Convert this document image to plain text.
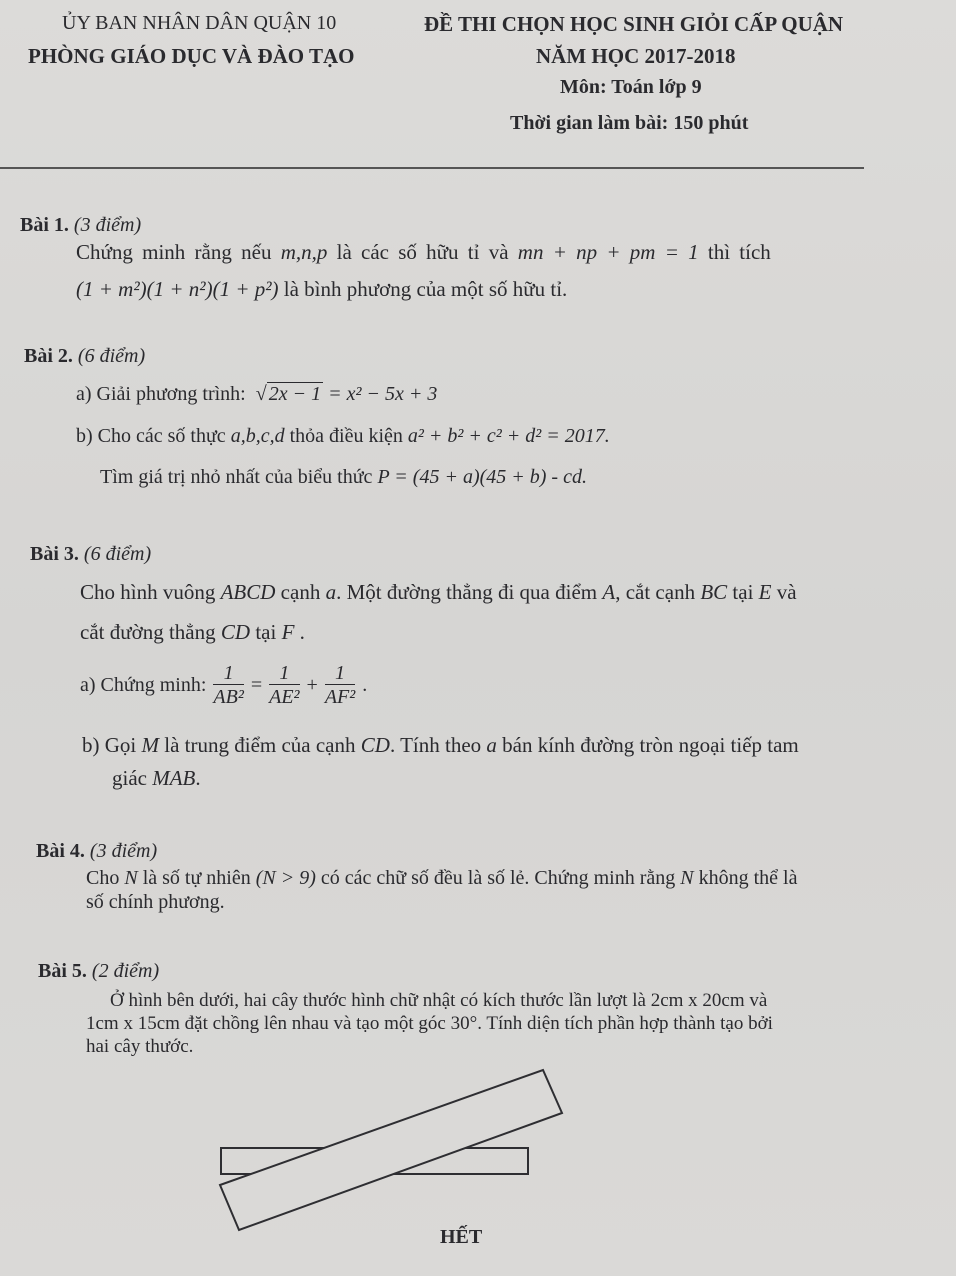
ỦY BAN NHÂN DÂN QUẬN 10
PHÒNG GIÁO DỤC VÀ ĐÀO TẠO
ĐỀ THI CHỌN HỌC SINH GIỎI CẤP QUẬN
NĂM HỌC 2017-2018
Môn: Toán lớp 9
Thời gian làm bài: 150 phút
Bài 1. (3 điểm)
Chứng minh rằng nếu m,n,p là các số hữu tỉ và mn + np + pm = 1 thì tích
(1 + m²)(1 + n²)(1 + p²) là bình phương của một số hữu tỉ.
Bài 2. (6 điểm)
a) Giải phương trình:  √ 2x − 1 = x² − 5x + 3
b) Cho các số thực a,b,c,d thỏa điều kiện a² + b² + c² + d² = 2017.
Tìm giá trị nhỏ nhất của biểu thức P = (45 + a)(45 + b) - cd.
Bài 3. (6 điểm)
Cho hình vuông ABCD cạnh a. Một đường thẳng đi qua điểm A, cắt cạnh BC tại E và
cắt đường thẳng CD tại F .
a) Chứng minh: $\frac{1}{\text{AB²}} = \frac{1}{\text{AE²}} + \frac{1}{\text{AF²}}$ .
b) Gọi M là trung điểm của cạnh CD. Tính theo a bán kính đường tròn ngoại tiếp tam
giác MAB.
Bài 4. (3 điểm)
Cho N là số tự nhiên (N > 9) có các chữ số đều là số lẻ. Chứng minh rằng N không thể là
số chính phương.
Bài 5. (2 điểm)
Ở hình bên dưới, hai cây thước hình chữ nhật có kích thước lần lượt là 2cm x 20cm và
1cm x 15cm đặt chồng lên nhau và tạo một góc 30°. Tính diện tích phần hợp thành tạo bởi
hai cây thước.
HẾT
